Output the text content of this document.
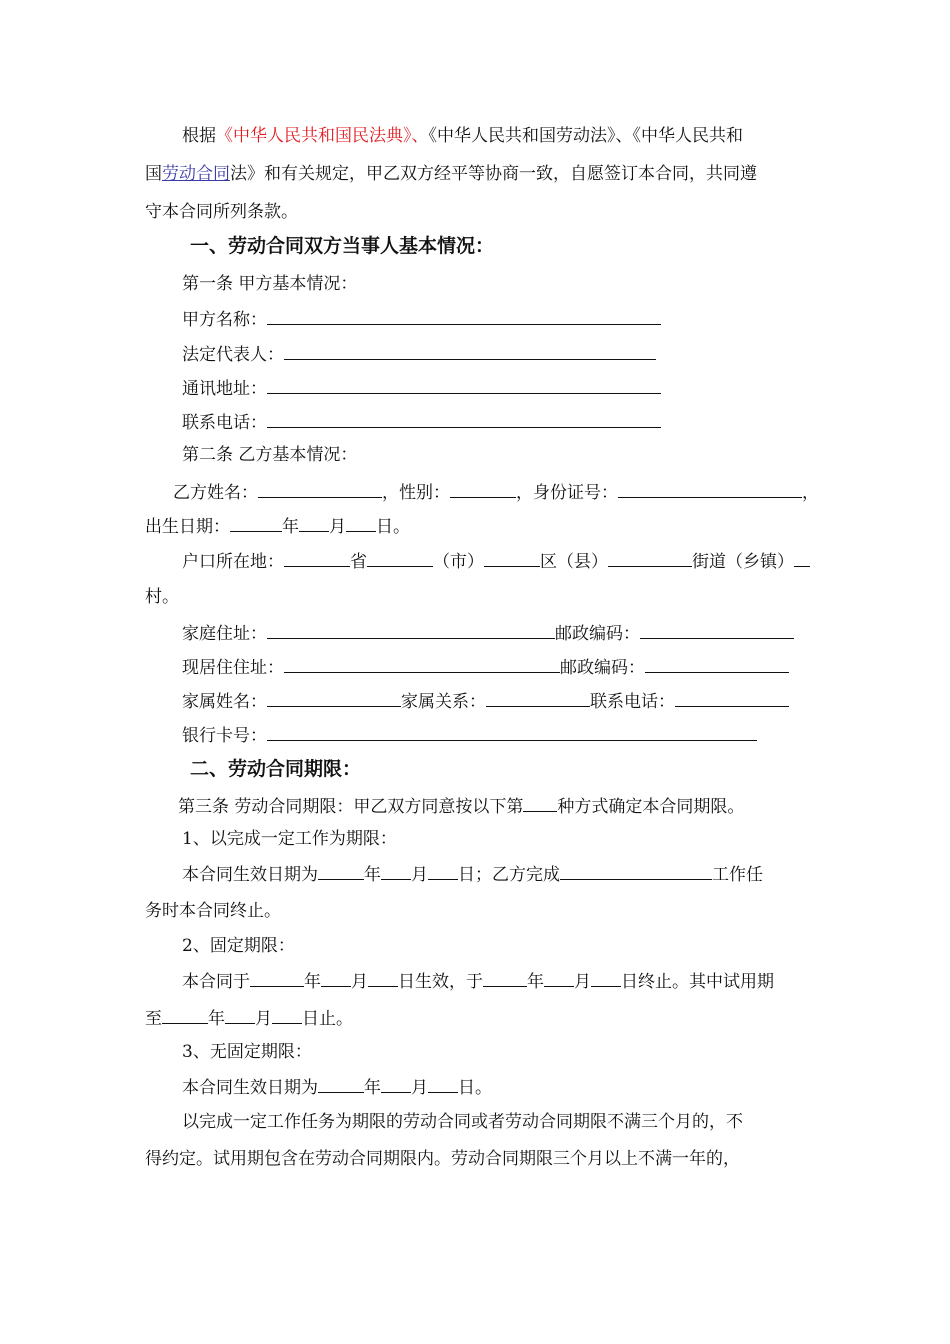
根据《中华人民共和国民法典》、《中华人民共和国劳动法》、《中华人民共和
国劳动合同法》和有关规定，甲乙双方经平等协商一致，自愿签订本合同，共同遵
守本合同所列条款。
一、劳动合同双方当事人基本情况：
第一条 甲方基本情况：
甲方名称：
法定代表人：
通讯地址：
联系电话：
第二条 乙方基本情况：
乙方姓名：	，性别：	，身份证号：	，
出生日期：	年 月 日。
户口所在地：	省	（市）	区（县）	街道（乡镇）
村。
家庭住址：	邮政编码：
现居住住址：	邮政编码：
家属姓名：	家属关系：	联系电话：
银行卡号：
二、劳动合同期限：
第三条 劳动合同期限：甲乙双方同意按以下第 种方式确定本合同期限。
1、以完成一定工作为期限：
本合同生效日期为	年 月 日；乙方完成	工作任
务时本合同终止。
2、固定期限：
本合同于	年 月 日生效，于	年 月 日终止。其中试用期
至	年 月 日止。
3、无固定期限：
本合同生效日期为	年 月 日。
以完成一定工作任务为期限的劳动合同或者劳动合同期限不满三个月的，不
得约定。试用期包含在劳动合同期限内。劳动合同期限三个月以上不满一年的，
